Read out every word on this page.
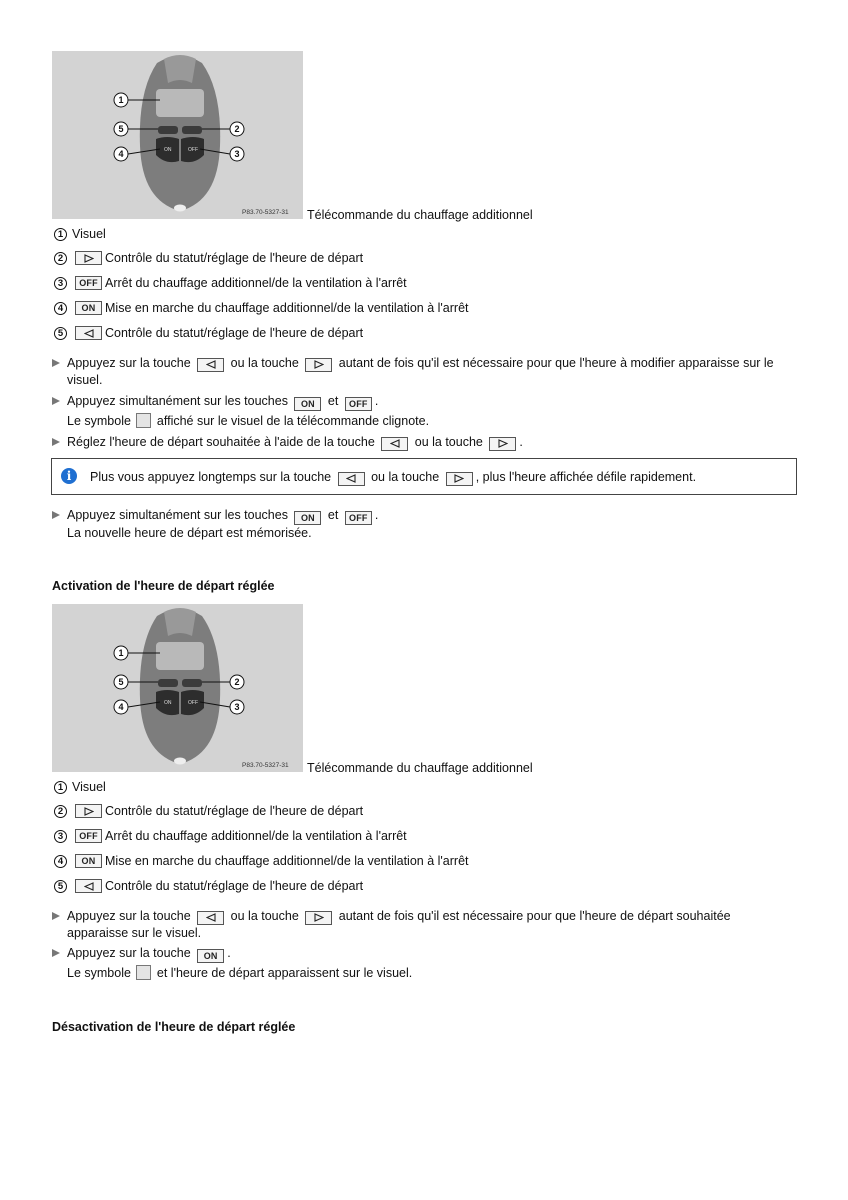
ON	OFF
1
2
3
4
5
P83.70-5327-31 Télécommande du chauffage additionnel
1 Visuel
2	Contrôle du statut/réglage de l'heure de départ
3	OFF Arrêt du chauffage additionnel/de la ventilation à l'arrêt
4	ON Mise en marche du chauffage additionnel/de la ventilation à l'arrêt
5	Contrôle du statut/réglage de l'heure de départ
Appuyez sur la touche	ou la touche	autant de fois qu'il est nécessaire pour que l'heure à modifier apparaisse sur le visuel.
Appuyez simultanément sur les touches ON et OFF .
Le symbole affiché sur le visuel de la télécommande clignote.
Réglez l'heure de départ souhaitée à l'aide de la touche	ou la touche	.
i	Plus vous appuyez longtemps sur la touche	ou la touche	, plus l'heure affichée défile rapidement.
Appuyez simultanément sur les touches ON et OFF .
La nouvelle heure de départ est mémorisée.
Activation de l'heure de départ réglée
ON	OFF
1
2
3
4
5
P83.70-5327-31 Télécommande du chauffage additionnel
1 Visuel
2	Contrôle du statut/réglage de l'heure de départ
3	OFF Arrêt du chauffage additionnel/de la ventilation à l'arrêt
4	ON Mise en marche du chauffage additionnel/de la ventilation à l'arrêt
5	Contrôle du statut/réglage de l'heure de départ
Appuyez sur la touche	ou la touche	autant de fois qu'il est nécessaire pour que l'heure de départ souhaitée apparaisse sur le visuel.
Appuyez sur la touche ON .
Le symbole et l'heure de départ apparaissent sur le visuel.
Désactivation de l'heure de départ réglée
